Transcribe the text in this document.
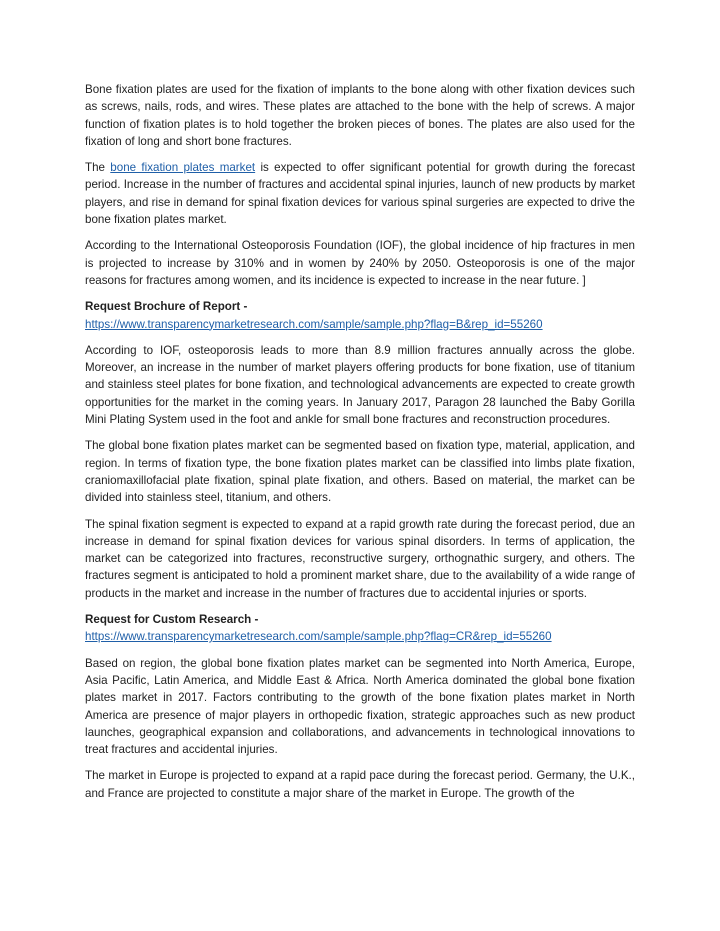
Bone fixation plates are used for the fixation of implants to the bone along with other fixation devices such as screws, nails, rods, and wires. These plates are attached to the bone with the help of screws. A major function of fixation plates is to hold together the broken pieces of bones. The plates are also used for the fixation of long and short bone fractures.

The bone fixation plates market is expected to offer significant potential for growth during the forecast period. Increase in the number of fractures and accidental spinal injuries, launch of new products by market players, and rise in demand for spinal fixation devices for various spinal surgeries are expected to drive the bone fixation plates market.

According to the International Osteoporosis Foundation (IOF), the global incidence of hip fractures in men is projected to increase by 310% and in women by 240% by 2050. Osteoporosis is one of the major reasons for fractures among women, and its incidence is expected to increase in the near future. ]

Request Brochure of Report -
https://www.transparencymarketresearch.com/sample/sample.php?flag=B&rep_id=55260

According to IOF, osteoporosis leads to more than 8.9 million fractures annually across the globe. Moreover, an increase in the number of market players offering products for bone fixation, use of titanium and stainless steel plates for bone fixation, and technological advancements are expected to create growth opportunities for the market in the coming years. In January 2017, Paragon 28 launched the Baby Gorilla Mini Plating System used in the foot and ankle for small bone fractures and reconstruction procedures.

The global bone fixation plates market can be segmented based on fixation type, material, application, and region. In terms of fixation type, the bone fixation plates market can be classified into limbs plate fixation, craniomaxillofacial plate fixation, spinal plate fixation, and others. Based on material, the market can be divided into stainless steel, titanium, and others.

The spinal fixation segment is expected to expand at a rapid growth rate during the forecast period, due an increase in demand for spinal fixation devices for various spinal disorders. In terms of application, the market can be categorized into fractures, reconstructive surgery, orthognathic surgery, and others. The fractures segment is anticipated to hold a prominent market share, due to the availability of a wide range of products in the market and increase in the number of fractures due to accidental injuries or sports.

Request for Custom Research -
https://www.transparencymarketresearch.com/sample/sample.php?flag=CR&rep_id=55260

Based on region, the global bone fixation plates market can be segmented into North America, Europe, Asia Pacific, Latin America, and Middle East & Africa. North America dominated the global bone fixation plates market in 2017. Factors contributing to the growth of the bone fixation plates market in North America are presence of major players in orthopedic fixation, strategic approaches such as new product launches, geographical expansion and collaborations, and advancements in technological innovations to treat fractures and accidental injuries.

The market in Europe is projected to expand at a rapid pace during the forecast period. Germany, the U.K., and France are projected to constitute a major share of the market in Europe. The growth of the
